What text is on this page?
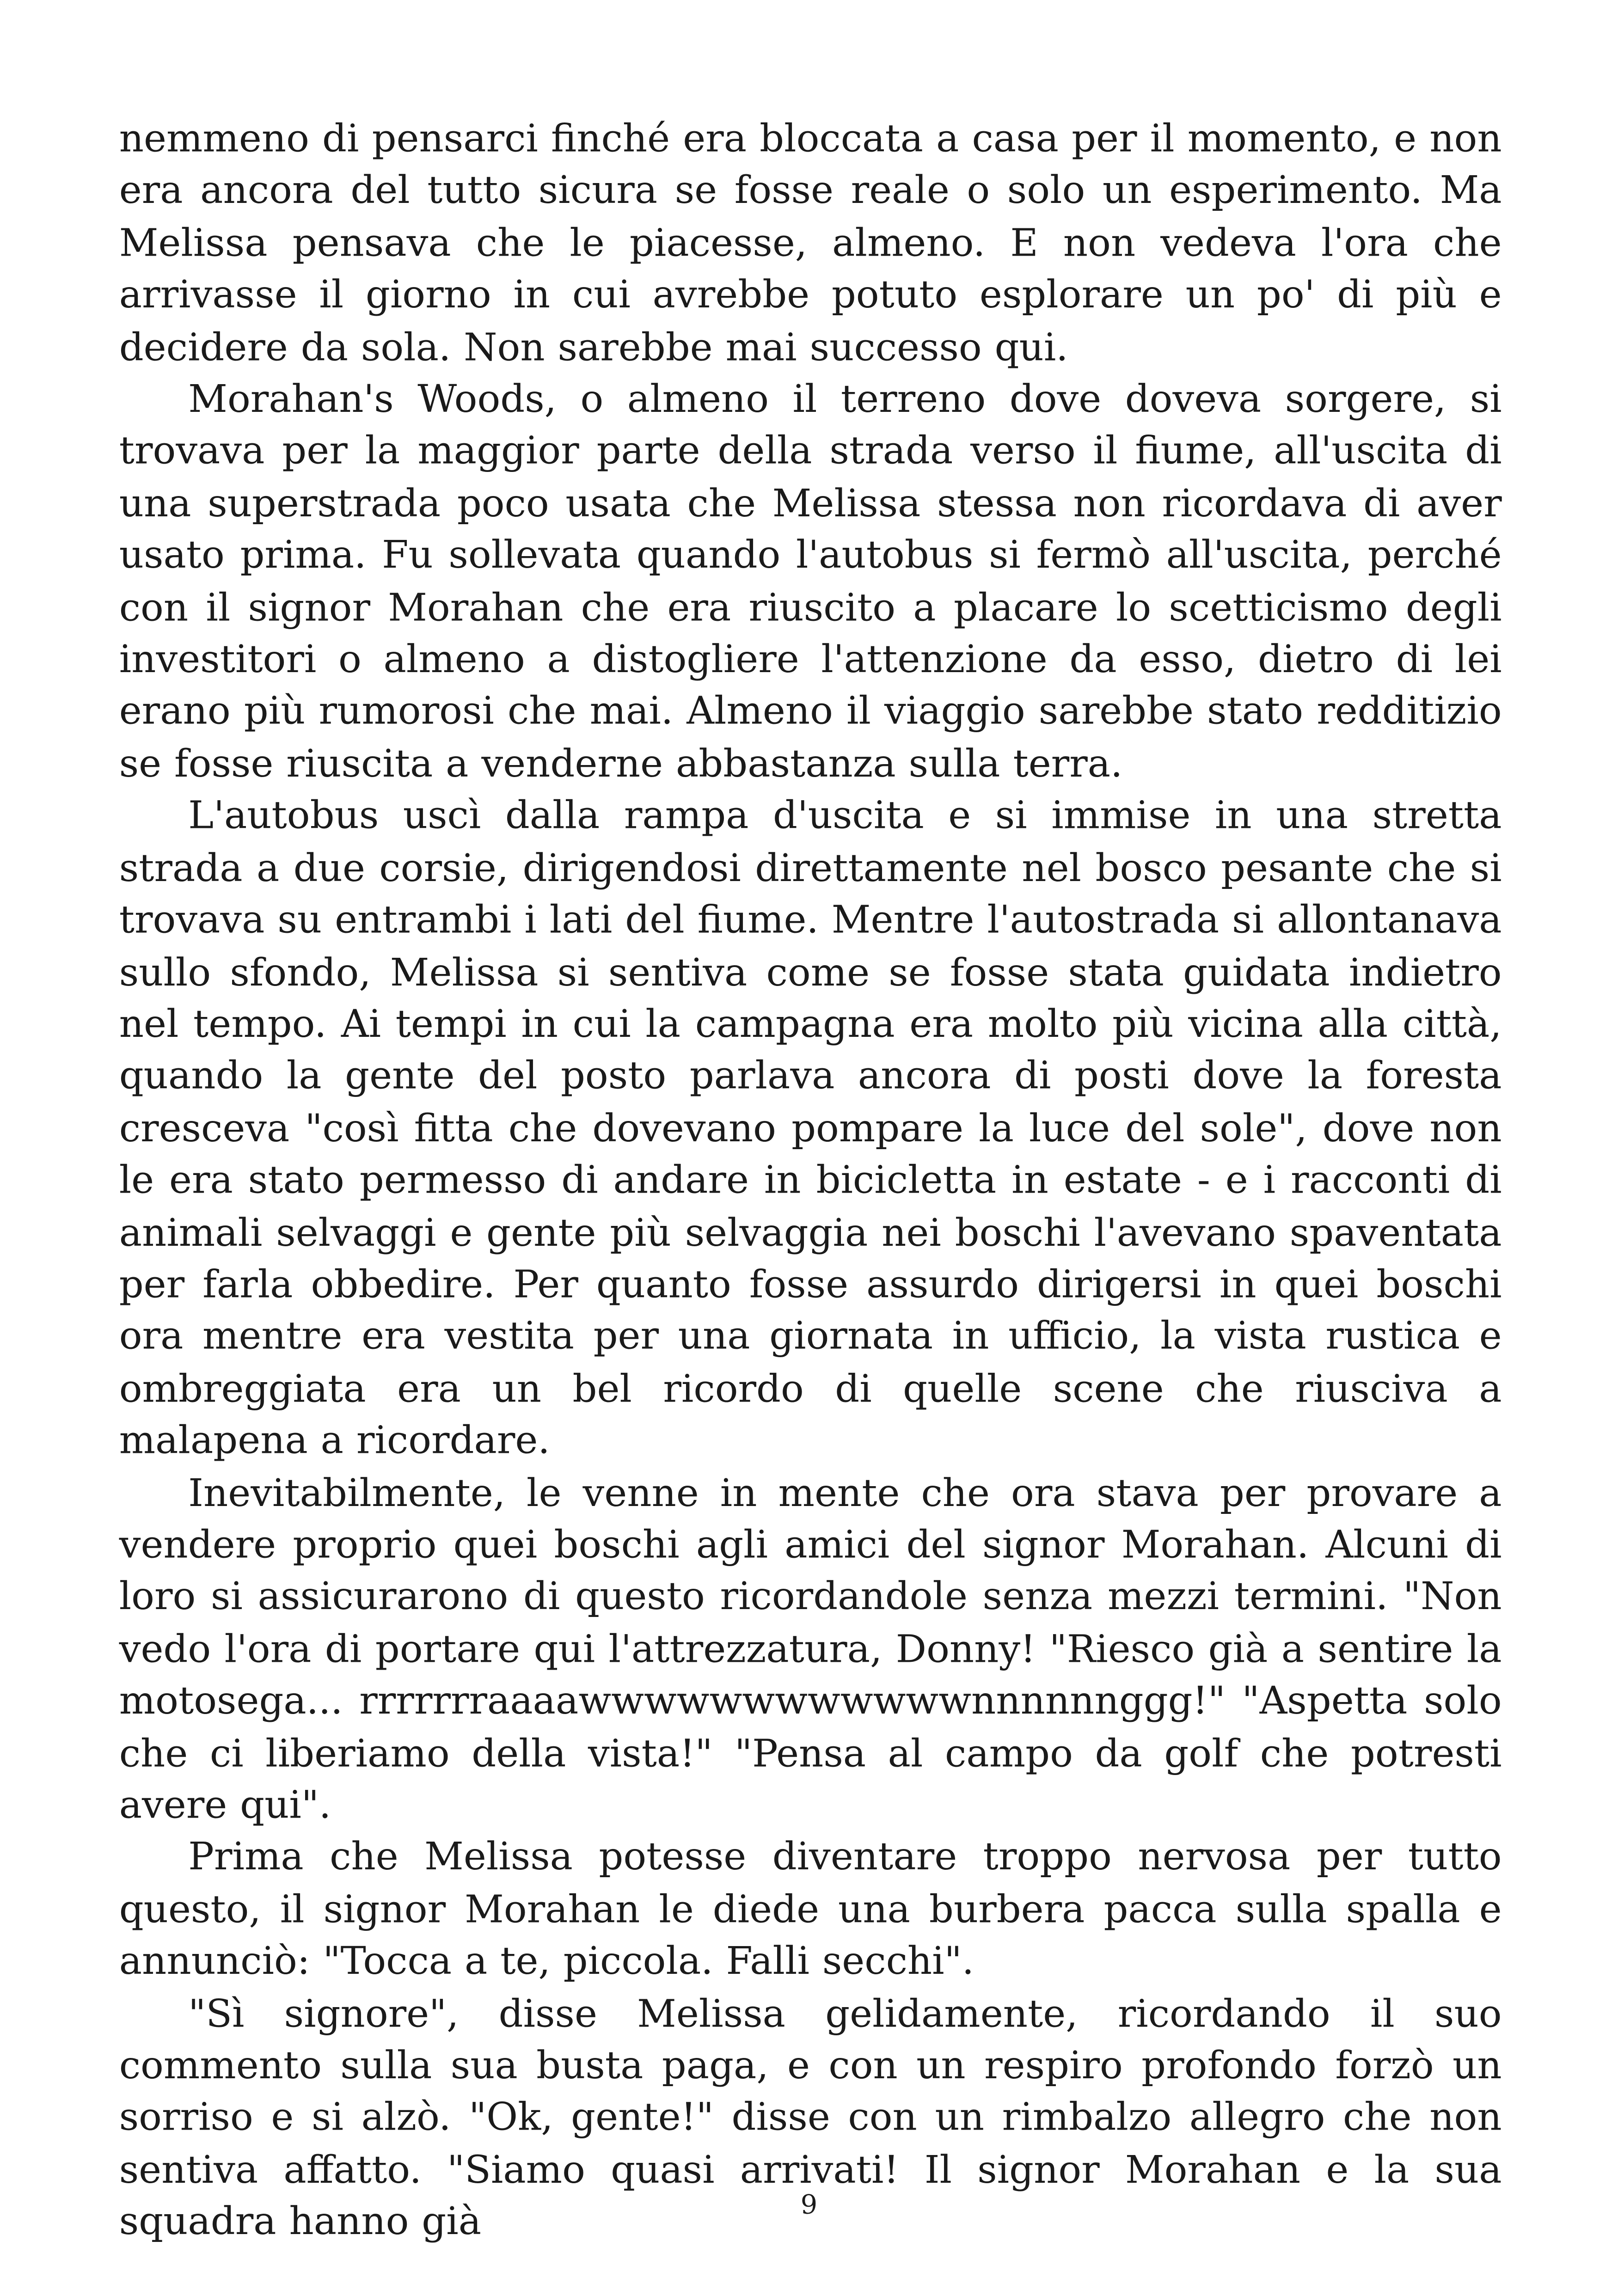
nemmeno di pensarci finché era bloccata a casa per il momento, e non era ancora del tutto sicura se fosse reale o solo un esperimento. Ma Melissa pensava che le piacesse, almeno. E non vedeva l'ora che arrivasse il giorno in cui avrebbe potuto esplorare un po' di più e decidere da sola. Non sarebbe mai successo qui.

Morahan's Woods, o almeno il terreno dove doveva sorgere, si trovava per la maggior parte della strada verso il fiume, all'uscita di una superstrada poco usata che Melissa stessa non ricordava di aver usato prima. Fu sollevata quando l'autobus si fermò all'uscita, perché con il signor Morahan che era riuscito a placare lo scetticismo degli investitori o almeno a distogliere l'attenzione da esso, dietro di lei erano più rumorosi che mai. Almeno il viaggio sarebbe stato redditizio se fosse riuscita a venderne abbastanza sulla terra.

L'autobus uscì dalla rampa d'uscita e si immise in una stretta strada a due corsie, dirigendosi direttamente nel bosco pesante che si trovava su entrambi i lati del fiume. Mentre l'autostrada si allontanava sullo sfondo, Melissa si sentiva come se fosse stata guidata indietro nel tempo. Ai tempi in cui la campagna era molto più vicina alla città, quando la gente del posto parlava ancora di posti dove la foresta cresceva "così fitta che dovevano pompare la luce del sole", dove non le era stato permesso di andare in bicicletta in estate - e i racconti di animali selvaggi e gente più selvaggia nei boschi l'avevano spaventata per farla obbedire. Per quanto fosse assurdo dirigersi in quei boschi ora mentre era vestita per una giornata in ufficio, la vista rustica e ombreggiata era un bel ricordo di quelle scene che riusciva a malapena a ricordare.

Inevitabilmente, le venne in mente che ora stava per provare a vendere proprio quei boschi agli amici del signor Morahan. Alcuni di loro si assicurarono di questo ricordandole senza mezzi termini. "Non vedo l'ora di portare qui l'attrezzatura, Donny! "Riesco già a sentire la motosega... rrrrrrraaaawwwwwwwwwwwwnnnnnnggg!" "Aspetta solo che ci liberiamo della vista!" "Pensa al campo da golf che potresti avere qui".

Prima che Melissa potesse diventare troppo nervosa per tutto questo, il signor Morahan le diede una burbera pacca sulla spalla e annunciò: "Tocca a te, piccola. Falli secchi".

"Sì signore", disse Melissa gelidamente, ricordando il suo commento sulla sua busta paga, e con un respiro profondo forzò un sorriso e si alzò. "Ok, gente!" disse con un rimbalzo allegro che non sentiva affatto. "Siamo quasi arrivati! Il signor Morahan e la sua squadra hanno già	9
